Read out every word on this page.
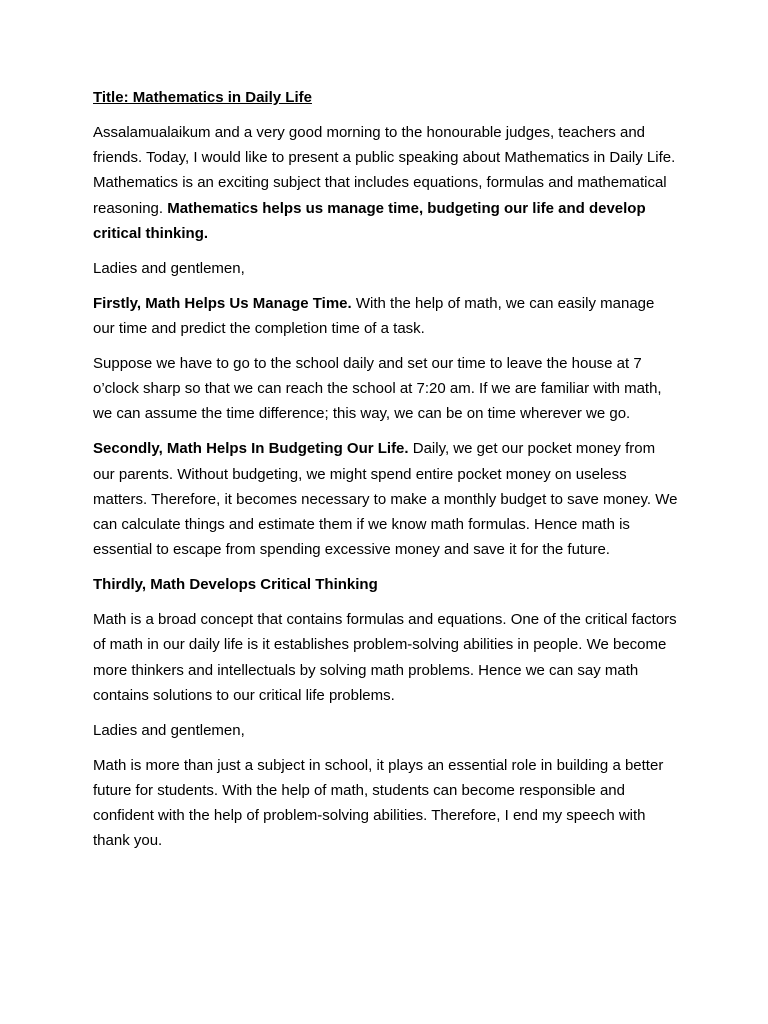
Title: Mathematics in Daily Life

Assalamualaikum and a very good morning to the honourable judges, teachers and friends. Today, I would like to present a public speaking about Mathematics in Daily Life. Mathematics is an exciting subject that includes equations, formulas and mathematical reasoning. Mathematics helps us manage time, budgeting our life and develop critical thinking.

Ladies and gentlemen,

Firstly, Math Helps Us Manage Time. With the help of math, we can easily manage our time and predict the completion time of a task.

Suppose we have to go to the school daily and set our time to leave the house at 7 o’clock sharp so that we can reach the school at 7:20 am. If we are familiar with math, we can assume the time difference; this way, we can be on time wherever we go.

Secondly, Math Helps In Budgeting Our Life. Daily, we get our pocket money from our parents. Without budgeting, we might spend entire pocket money on useless matters. Therefore, it becomes necessary to make a monthly budget to save money. We can calculate things and estimate them if we know math formulas. Hence math is essential to escape from spending excessive money and save it for the future.

Thirdly, Math Develops Critical Thinking

Math is a broad concept that contains formulas and equations. One of the critical factors of math in our daily life is it establishes problem-solving abilities in people. We become more thinkers and intellectuals by solving math problems. Hence we can say math contains solutions to our critical life problems.

Ladies and gentlemen,

Math is more than just a subject in school, it plays an essential role in building a better future for students. With the help of math, students can become responsible and confident with the help of problem-solving abilities. Therefore, I end my speech with thank you.
